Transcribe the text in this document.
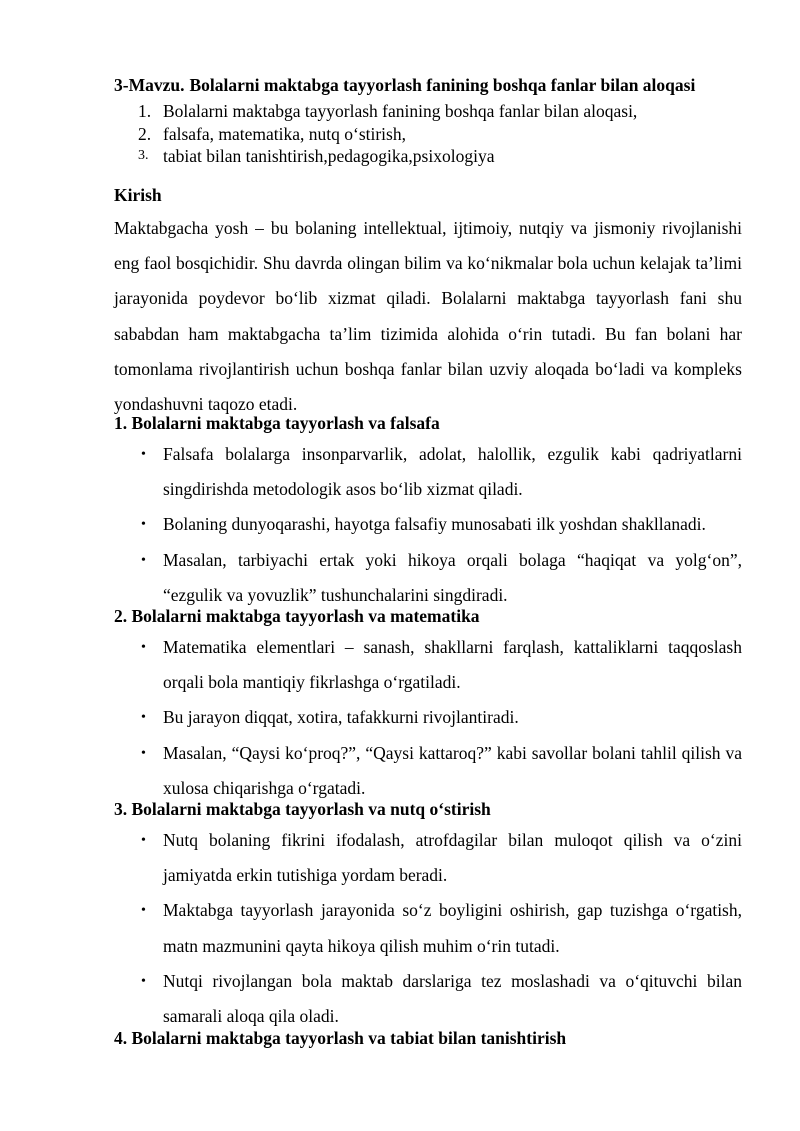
3-Mavzu. Bolalarni maktabga tayyorlash fanining boshqa fanlar bilan aloqasi
1. Bolalarni maktabga tayyorlash fanining boshqa fanlar bilan aloqasi,
2. falsafa, matematika, nutq o‘stirish,
3. tabiat bilan tanishtirish,pedagogika,psixologiya
Kirish
Maktabgacha yosh – bu bolaning intellektual, ijtimoiy, nutqiy va jismoniy rivojlanishi eng faol bosqichidir. Shu davrda olingan bilim va ko‘nikmalar bola uchun kelajak ta’limi jarayonida poydevor bo‘lib xizmat qiladi. Bolalarni maktabga tayyorlash fani shu sababdan ham maktabgacha ta’lim tizimida alohida o‘rin tutadi. Bu fan bolani har tomonlama rivojlantirish uchun boshqa fanlar bilan uzviy aloqada bo‘ladi va kompleks yondashuvni taqozo etadi.
1. Bolalarni maktabga tayyorlash va falsafa
• Falsafa bolalarga insonparvarlik, adolat, halollik, ezgulik kabi qadriyatlarni singdirishda metodologik asos bo‘lib xizmat qiladi.
• Bolaning dunyoqarashi, hayotga falsafiy munosabati ilk yoshdan shakllanadi.
• Masalan, tarbiyachi ertak yoki hikoya orqali bolaga “haqiqat va yolg‘on”, “ezgulik va yovuzlik” tushunchalarini singdiradi.
2. Bolalarni maktabga tayyorlash va matematika
• Matematika elementlari – sanash, shakllarni farqlash, kattaliklarni taqqoslash orqali bola mantiqiy fikrlashga o‘rgatiladi.
• Bu jarayon diqqat, xotira, tafakkurni rivojlantiradi.
• Masalan, “Qaysi ko‘proq?”, “Qaysi kattaroq?” kabi savollar bolani tahlil qilish va xulosa chiqarishga o‘rgatadi.
3. Bolalarni maktabga tayyorlash va nutq o‘stirish
• Nutq bolaning fikrini ifodalash, atrofdagilar bilan muloqot qilish va o‘zini jamiyatda erkin tutishiga yordam beradi.
• Maktabga tayyorlash jarayonida so‘z boyligini oshirish, gap tuzishga o‘rgatish, matn mazmunini qayta hikoya qilish muhim o‘rin tutadi.
• Nutqi rivojlangan bola maktab darslariga tez moslashadi va o‘qituvchi bilan samarali aloqa qila oladi.
4. Bolalarni maktabga tayyorlash va tabiat bilan tanishtirish
